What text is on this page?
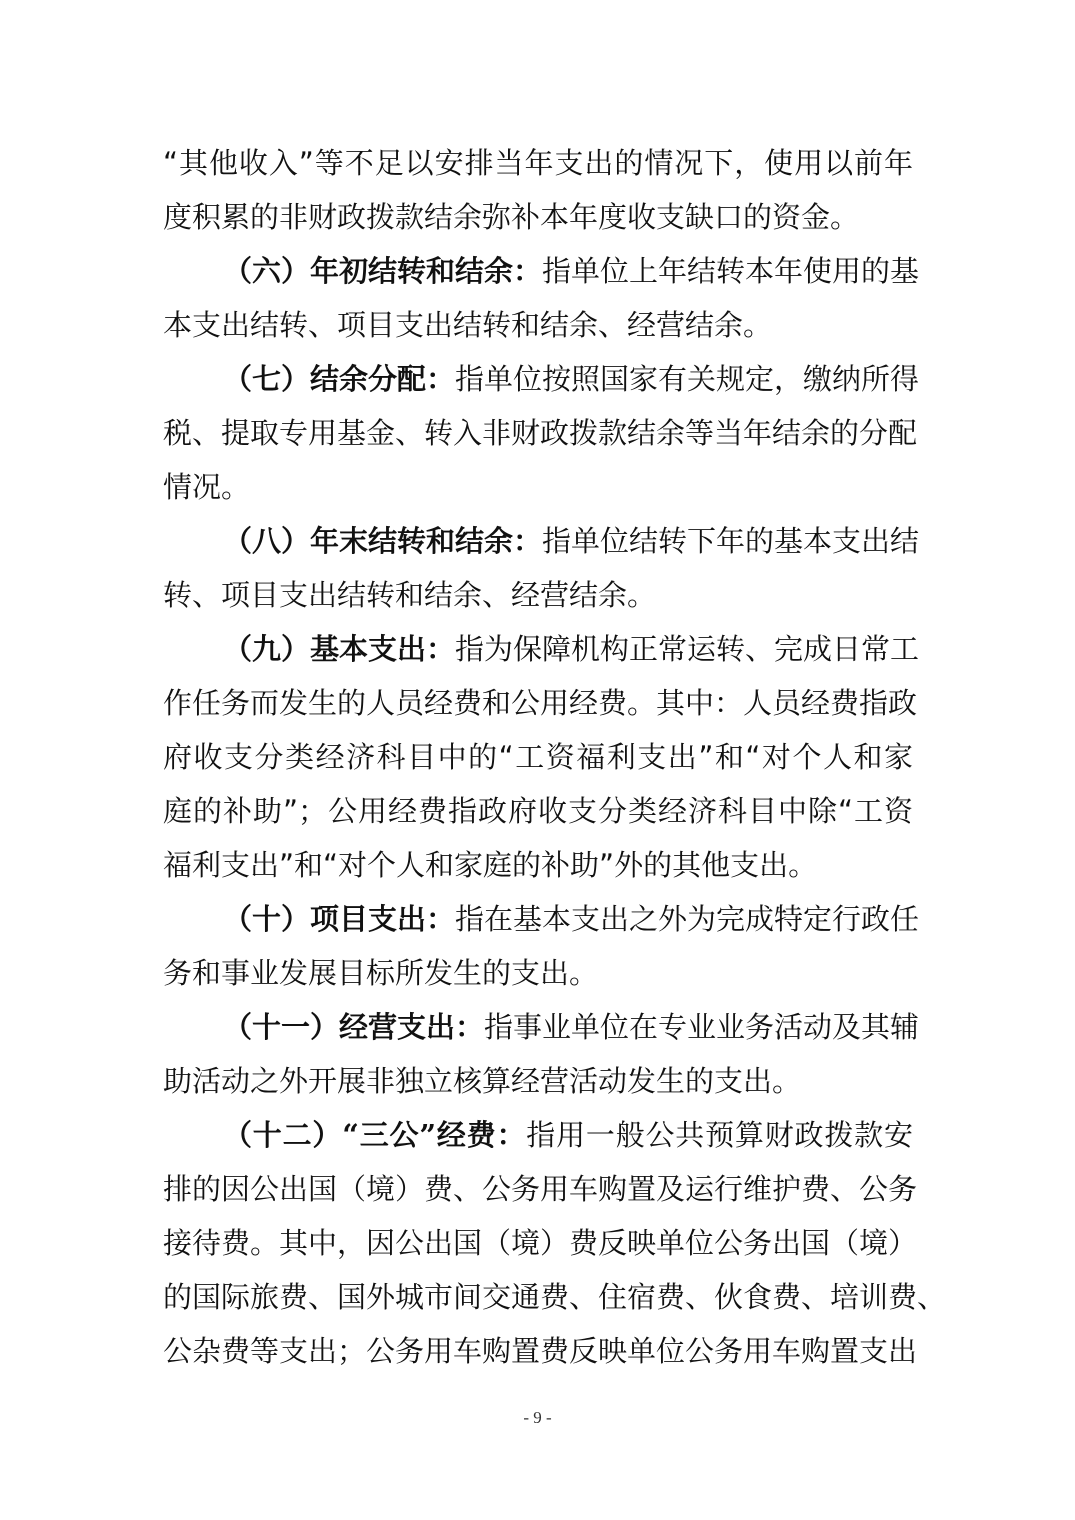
“其他收入”等不足以安排当年支出的情况下，使用以前年
度积累的非财政拨款结余弥补本年度收支缺口的资金。
（六）年初结转和结余：指单位上年结转本年使用的基
本支出结转、项目支出结转和结余、经营结余。
（七）结余分配：指单位按照国家有关规定，缴纳所得
税、提取专用基金、转入非财政拨款结余等当年结余的分配
情况。
（八）年末结转和结余：指单位结转下年的基本支出结
转、项目支出结转和结余、经营结余。
（九）基本支出：指为保障机构正常运转、完成日常工
作任务而发生的人员经费和公用经费。其中：人员经费指政
府收支分类经济科目中的“工资福利支出”和“对个人和家
庭的补助”；公用经费指政府收支分类经济科目中除“工资
福利支出”和“对个人和家庭的补助”外的其他支出。
（十）项目支出：指在基本支出之外为完成特定行政任
务和事业发展目标所发生的支出。
（十一）经营支出：指事业单位在专业业务活动及其辅
助活动之外开展非独立核算经营活动发生的支出。
（十二）“三公”经费：指用一般公共预算财政拨款安
排的因公出国（境）费、公务用车购置及运行维护费、公务
接待费。其中，因公出国（境）费反映单位公务出国（境）
的国际旅费、国外城市间交通费、住宿费、伙食费、培训费、
公杂费等支出；公务用车购置费反映单位公务用车购置支出
- 9 -
